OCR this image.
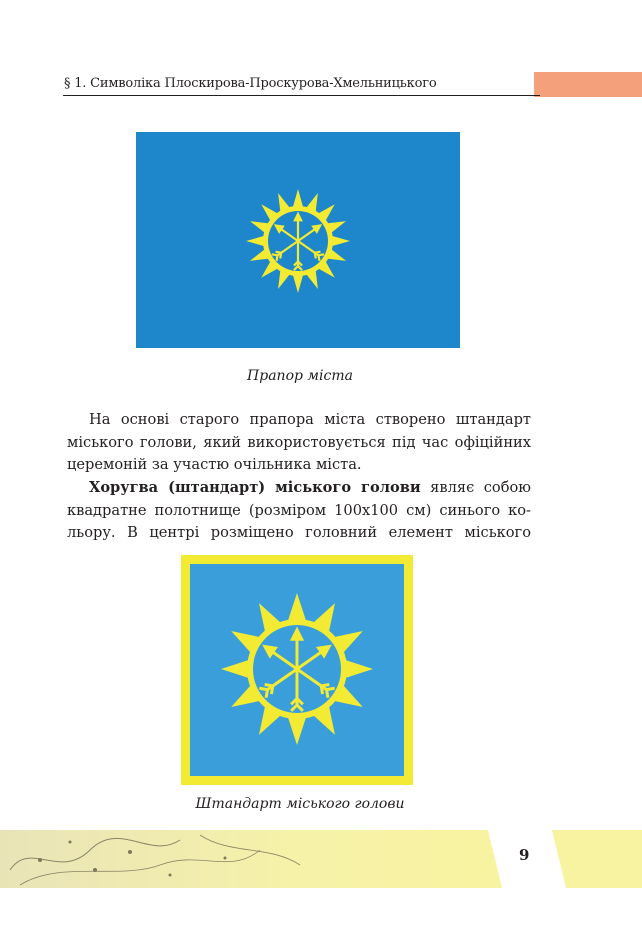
§ 1. Символіка Плоскирова-Проскурова-Хмельницького
Прапор міста
На основі старого прапора міста створено штандарт
міського голови, який використовується під час офіційних
церемоній за участю очільника міста.
Хоругва (штандарт) міського голови являє собою
квадратне полотнище (розміром 100х100 см) синього ко-
льору. В центрі розміщено головний елемент міського
Штандарт міського голови
9
